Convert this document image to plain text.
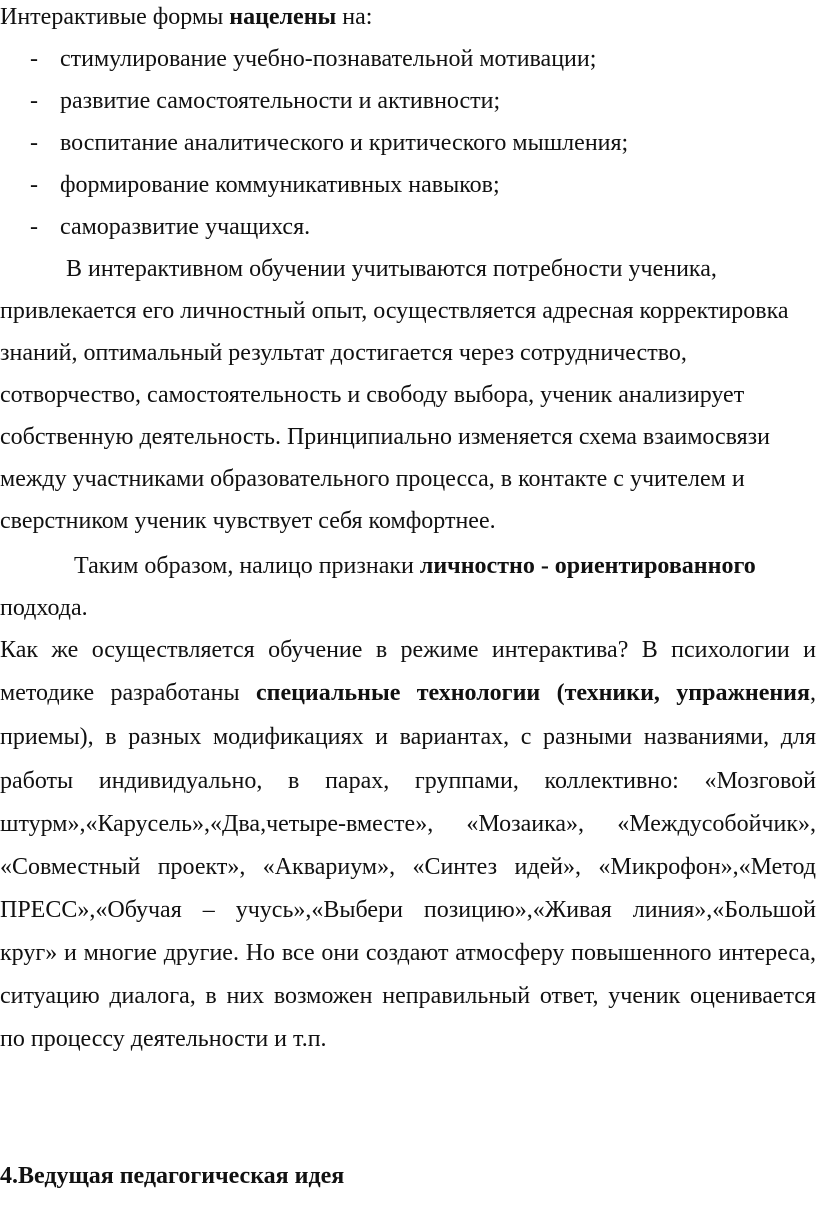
Интерактивые формы нацелены на:
- стимулирование учебно-познавательной мотивации;
- развитие самостоятельности и активности;
- воспитание аналитического и критического мышления;
- формирование коммуникативных навыков;
- саморазвитие учащихся.
В интерактивном обучении учитываются потребности ученика,
привлекается его личностный опыт, осуществляется адресная корректировка
знаний, оптимальный результат достигается через сотрудничество,
сотворчество, самостоятельность и свободу выбора, ученик анализирует
собственную деятельность. Принципиально изменяется схема взаимосвязи
между участниками образовательного процесса, в контакте с учителем и
сверстником ученик чувствует себя комфортнее.
Таким образом, налицо признаки личностно - ориентированного
подхода.
Как же осуществляется обучение в режиме интерактива? В психологии и
методике разработаны специальные технологии (техники, упражнения,
приемы), в разных модификациях и вариантах, с разными названиями, для
работы индивидуально, в парах, группами, коллективно: «Мозговой
штурм»,«Карусель»,«Два,четыре-вместе», «Мозаика», «Междусобойчик»,
«Совместный проект», «Аквариум», «Синтез идей», «Микрофон»,«Метод
ПРЕСС»,«Обучая – учусь»,«Выбери позицию»,«Живая линия»,«Большой
круг» и многие другие. Но все они создают атмосферу повышенного интереса,
ситуацию диалога, в них возможен неправильный ответ, ученик оценивается
по процессу деятельности и т.п.
4.Ведущая педагогическая идея
